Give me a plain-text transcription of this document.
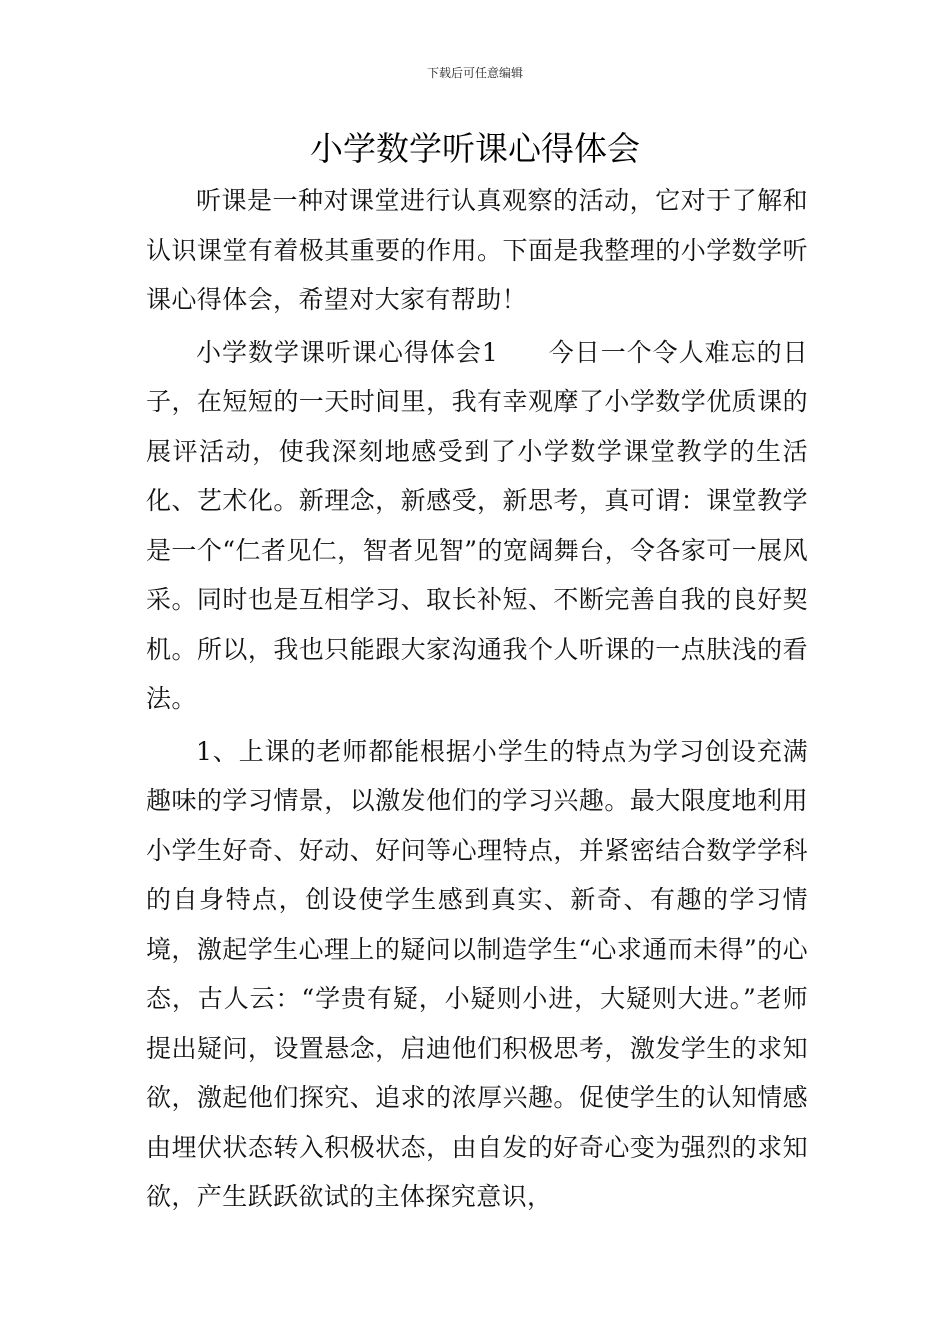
下载后可任意编辑
小学数学听课心得体会

听课是一种对课堂进行认真观察的活动，它对于了解和认识课堂有着极其重要的作用。下面是我整理的小学数学听课心得体会，希望对大家有帮助！

小学数学课听课心得体会1 今日一个令人难忘的日子，在短短的一天时间里，我有幸观摩了小学数学优质课的展评活动，使我深刻地感受到了小学数学课堂教学的生活化、艺术化。新理念，新感受，新思考，真可谓：课堂教学是一个“仁者见仁，智者见智”的宽阔舞台，令各家可一展风采。同时也是互相学习、取长补短、不断完善自我的良好契机。所以，我也只能跟大家沟通我个人听课的一点肤浅的看法。

1、上课的老师都能根据小学生的特点为学习创设充满趣味的学习情景，以激发他们的学习兴趣。最大限度地利用小学生好奇、好动、好问等心理特点，并紧密结合数学学科的自身特点，创设使学生感到真实、新奇、有趣的学习情境，激起学生心理上的疑问以制造学生“心求通而未得”的心态，古人云：“学贵有疑，小疑则小进，大疑则大进。”老师提出疑问，设置悬念，启迪他们积极思考，激发学生的求知欲，激起他们探究、追求的浓厚兴趣。促使学生的认知情感由埋伏状态转入积极状态，由自发的好奇心变为强烈的求知欲，产生跃跃欲试的主体探究意识，
